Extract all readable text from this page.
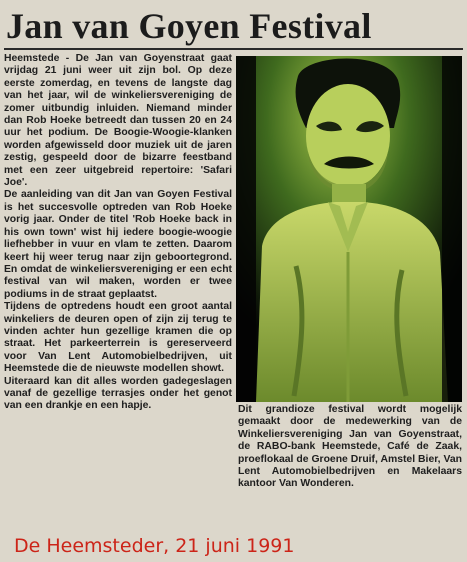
Jan van Goyen Festival

Heemstede - De Jan van Goyenstraat gaat vrijdag 21 juni weer uit zijn bol. Op deze eerste zomerdag, en tevens de langste dag van het jaar, wil de winkeliersvereniging de zomer uitbundig inluiden. Niemand minder dan Rob Hoeke betreedt dan tussen 20 en 24 uur het podium. De Boogie-Woogie-klanken worden afgewisseld door muziek uit de jaren zestig, gespeeld door de bizarre feestband met een zeer uitgebreid repertoire: 'Safari Joe'.

De aanleiding van dit Jan van Goyen Festival is het succesvolle optreden van Rob Hoeke vorig jaar. Onder de titel 'Rob Hoeke back in his own town' wist hij iedere boogie-woogie liefhebber in vuur en vlam te zetten. Daarom keert hij weer terug naar zijn geboortegrond. En omdat de winkeliersvereniging er een echt festival van wil maken, worden er twee podiums in de straat geplaatst.

Tijdens de optredens houdt een groot aantal winkeliers de deuren open of zijn zij terug te vinden achter hun gezellige kramen die op straat. Het parkeerterrein is gereserveerd voor Van Lent Automobielbedrijven, uit Heemstede die de nieuwste modellen showt.

Uiteraard kan dit alles worden gadegeslagen vanaf de gezellige terrasjes onder het genot van een drankje en een hapje.	Dit grandioze festival wordt mogelijk gemaakt door de medewerking van de Winkeliersvereniging Jan van Goyenstraat, de RABO-bank Heemstede, Café de Zaak, proeflokaal de Groene Druif, Amstel Bier, Van Lent Automobielbedrijven en Makelaars kantoor Van Wonderen.

De Heemsteder, 21 juni 1991
